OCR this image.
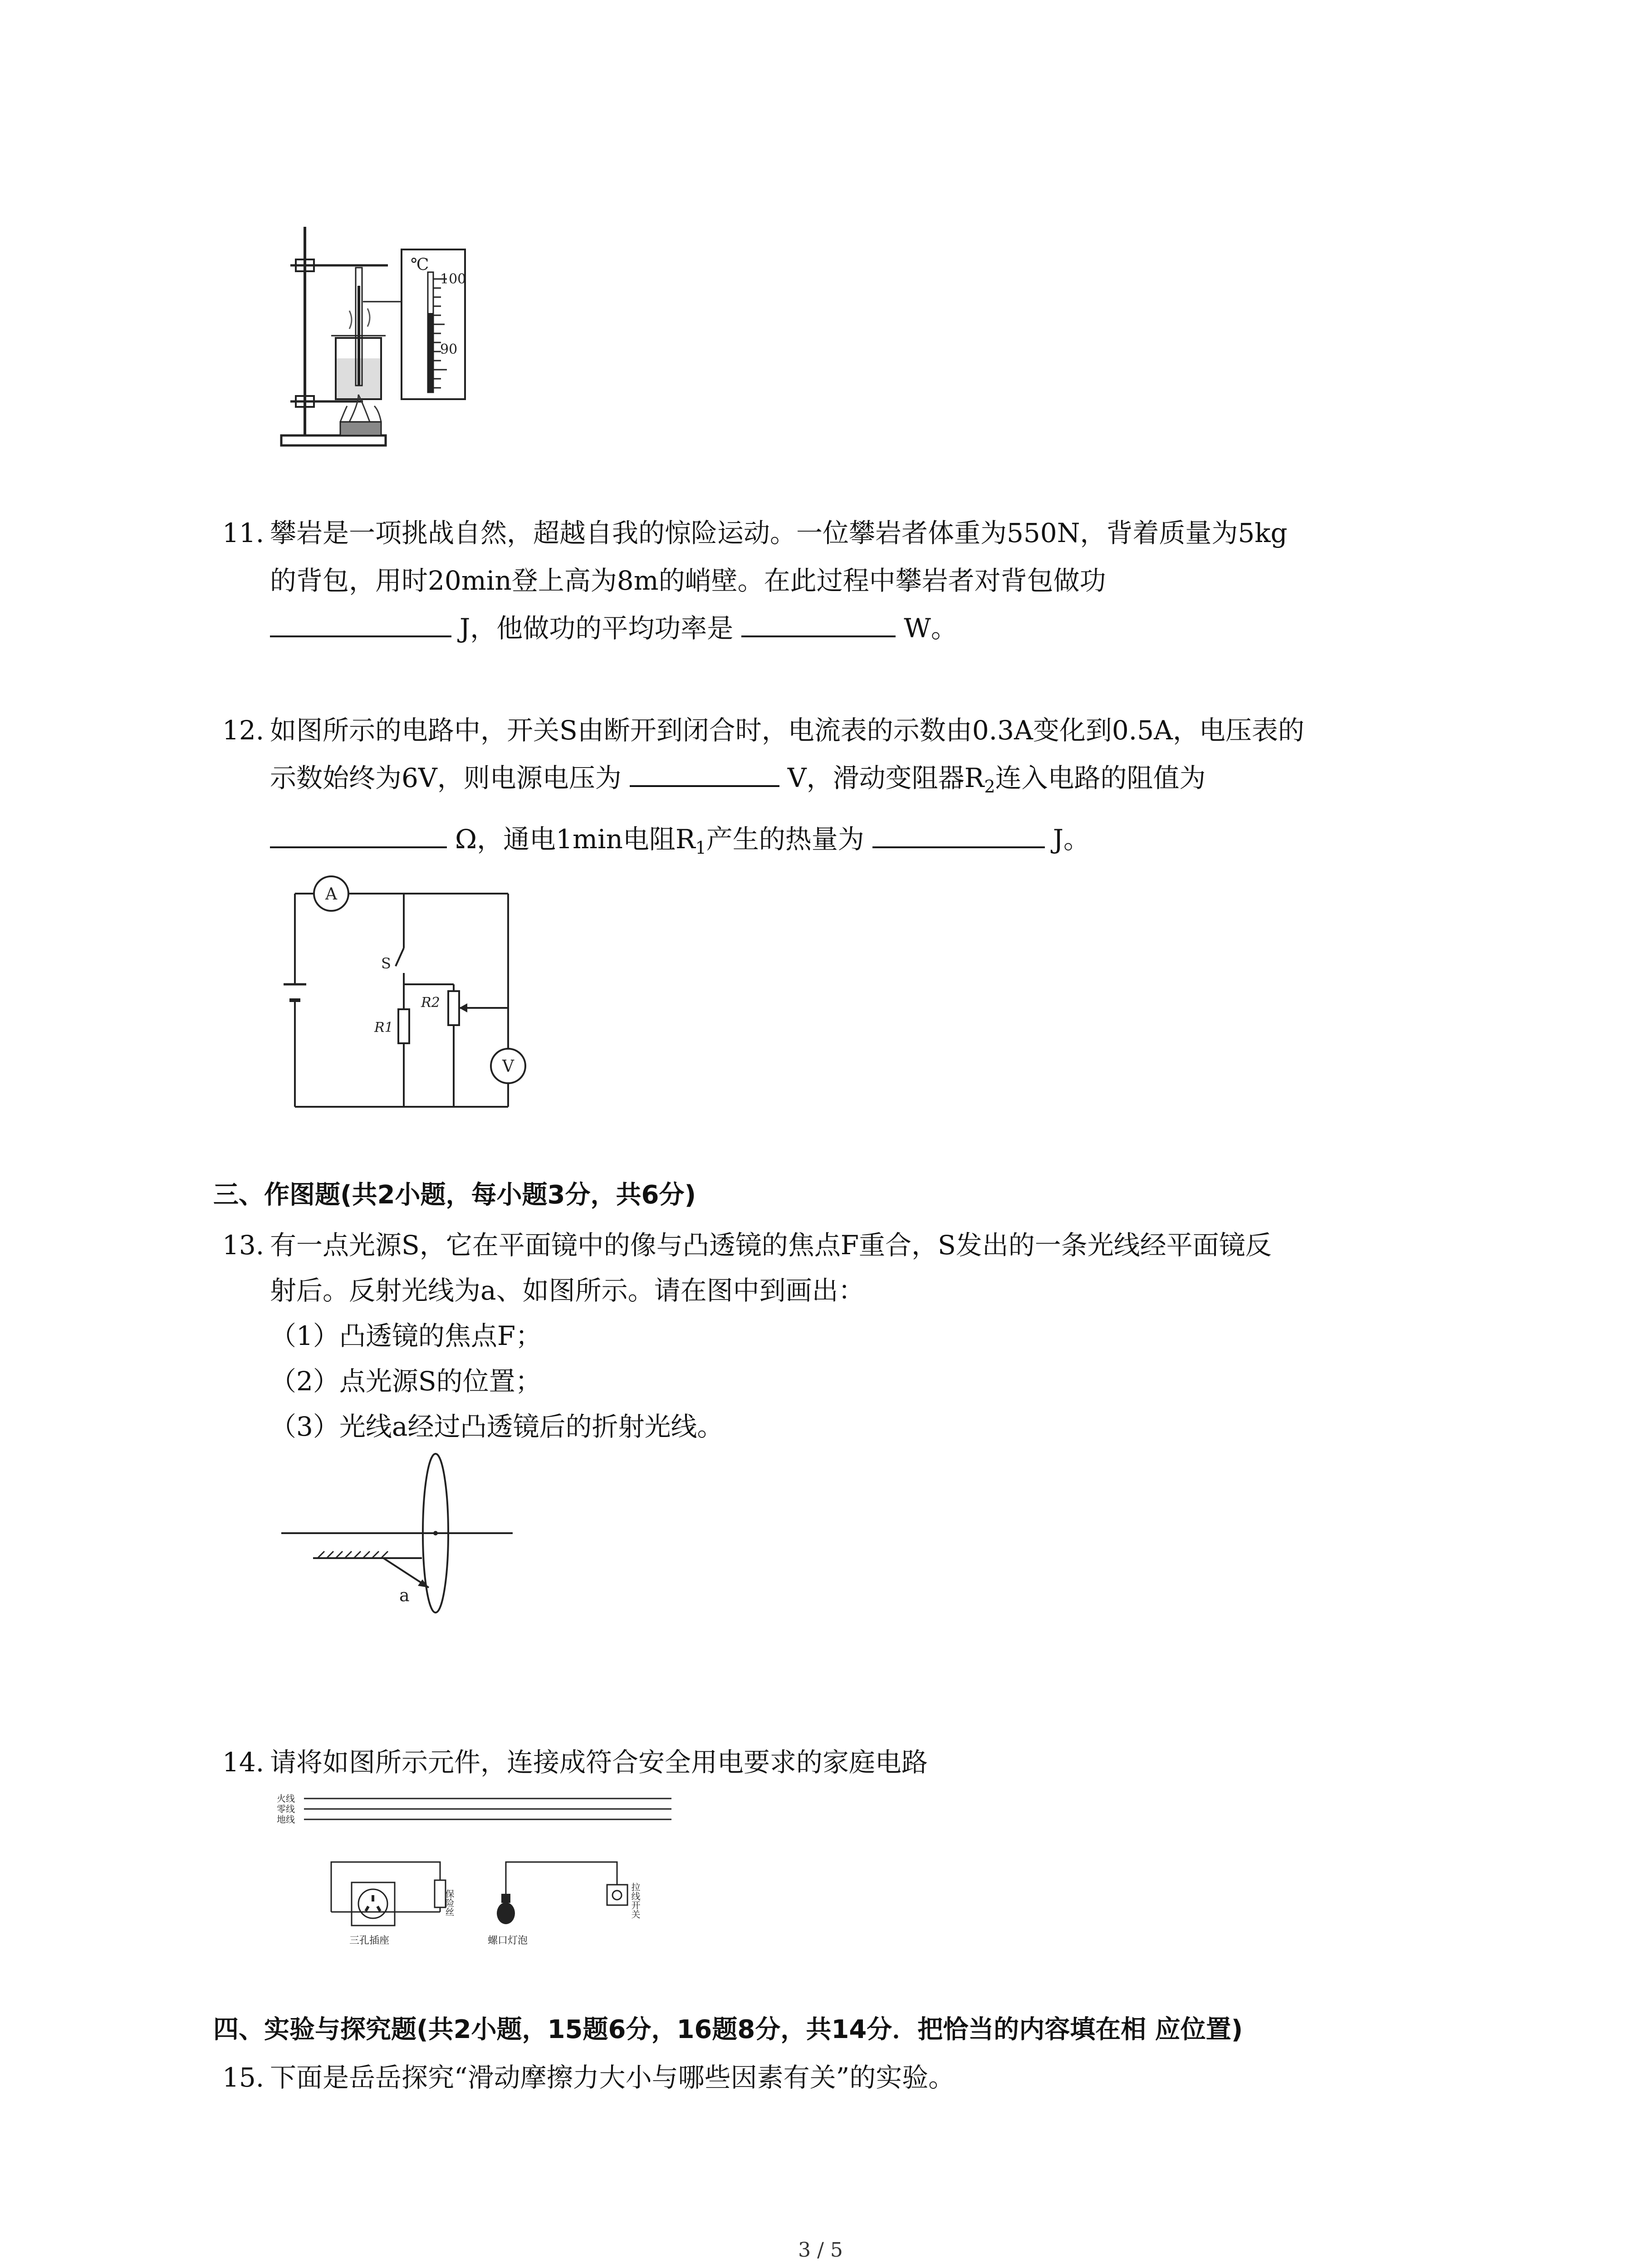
℃
100
90
11. 攀岩是一项挑战自然，超越自我的惊险运动。一位攀岩者体重为550N，背着质量为5kg
的背包，用时20min登上高为8m的峭壁。在此过程中攀岩者对背包做功
J，他做功的平均功率是	W。
12. 如图所示的电路中，开关S由断开到闭合时，电流表的示数由0.3A变化到0.5A，电压表的
示数始终为6V，则电源电压为	V，滑动变阻器$R_2$连入电路的阻值为
Ω，通电1min电阻$R_1$产生的热量为	J。
A
V
S
R1
R2
三、作图题(共2小题，每小题3分，共6分)
13. 有一点光源S，它在平面镜中的像与凸透镜的焦点F重合，S发出的一条光线经平面镜反
射后。反射光线为a、如图所示。请在图中到画出：
（1）凸透镜的焦点F；
（2）点光源S的位置；
（3）光线a经过凸透镜后的折射光线。
a
14. 请将如图所示元件，连接成符合安全用电要求的家庭电路
火线
零线
地线
保险丝
三孔插座	螺口灯泡
拉线开关
四、实验与探究题(共2小题，15题6分，16题8分，共14分．把恰当的内容填在相 应位置)
15. 下面是岳岳探究“滑动摩擦力大小与哪些因素有关”的实验。
3 / 5
